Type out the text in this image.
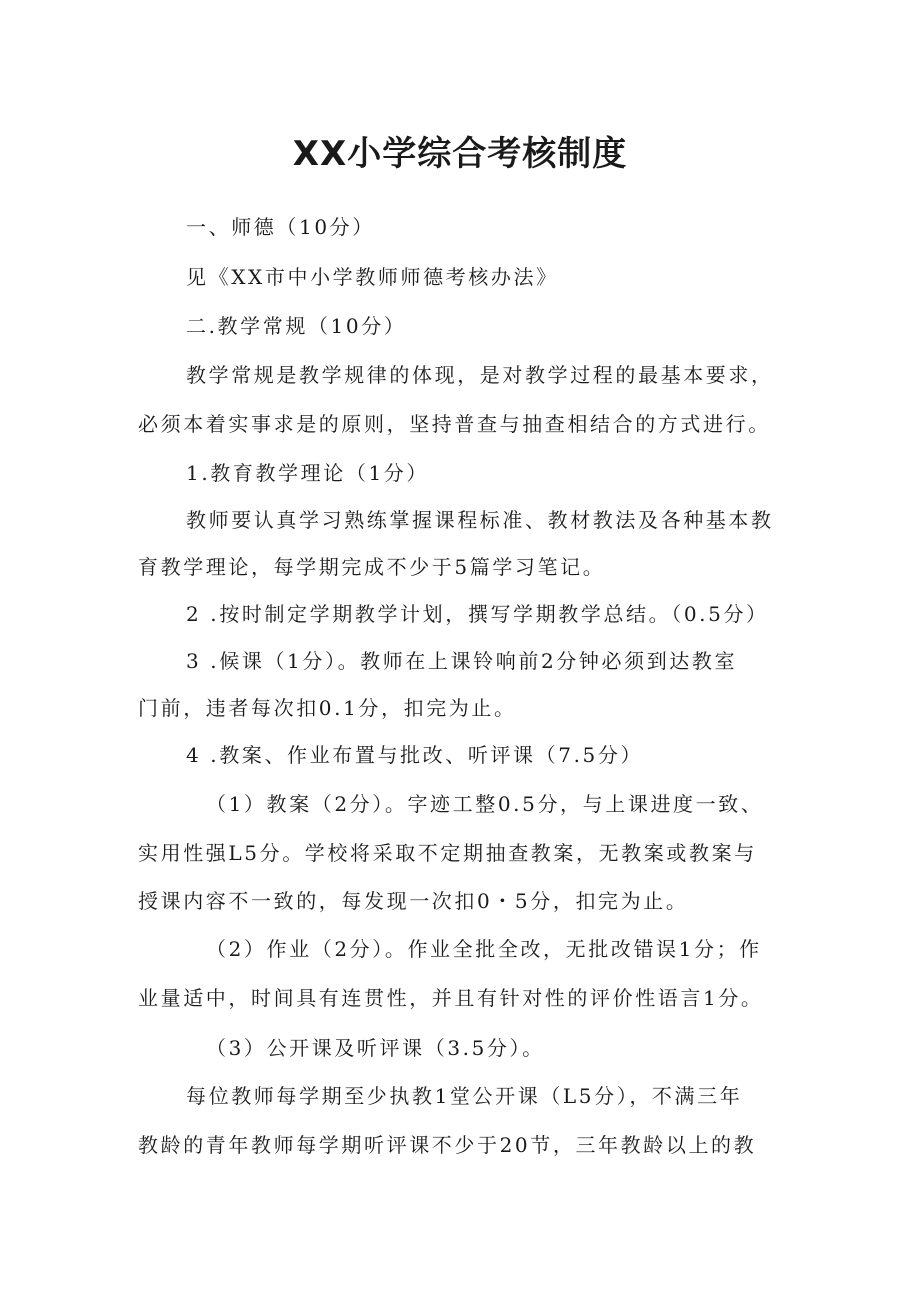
XX小学综合考核制度
一、师德（10分）
见《XX市中小学教师师德考核办法》
二.教学常规（10分）
教学常规是教学规律的体现，是对教学过程的最基本要求，
必须本着实事求是的原则，坚持普查与抽查相结合的方式进行。
1.教育教学理论（1分）
教师要认真学习熟练掌握课程标准、教材教法及各种基本教
育教学理论，每学期完成不少于5篇学习笔记。
2 .按时制定学期教学计划，撰写学期教学总结。（0.5分）
3 .候课（1分）。教师在上课铃响前2分钟必须到达教室
门前，违者每次扣0.1分，扣完为止。
4 .教案、作业布置与批改、听评课（7.5分）
（1）教案（2分）。字迹工整0.5分，与上课进度一致、
实用性强L5分。学校将采取不定期抽查教案，无教案或教案与
授课内容不一致的，每发现一次扣0・5分，扣完为止。
（2）作业（2分）。作业全批全改，无批改错误1分；作
业量适中，时间具有连贯性，并且有针对性的评价性语言1分。
（3）公开课及听评课（3.5分）。
每位教师每学期至少执教1堂公开课（L5分），不满三年
教龄的青年教师每学期听评课不少于20节，三年教龄以上的教
